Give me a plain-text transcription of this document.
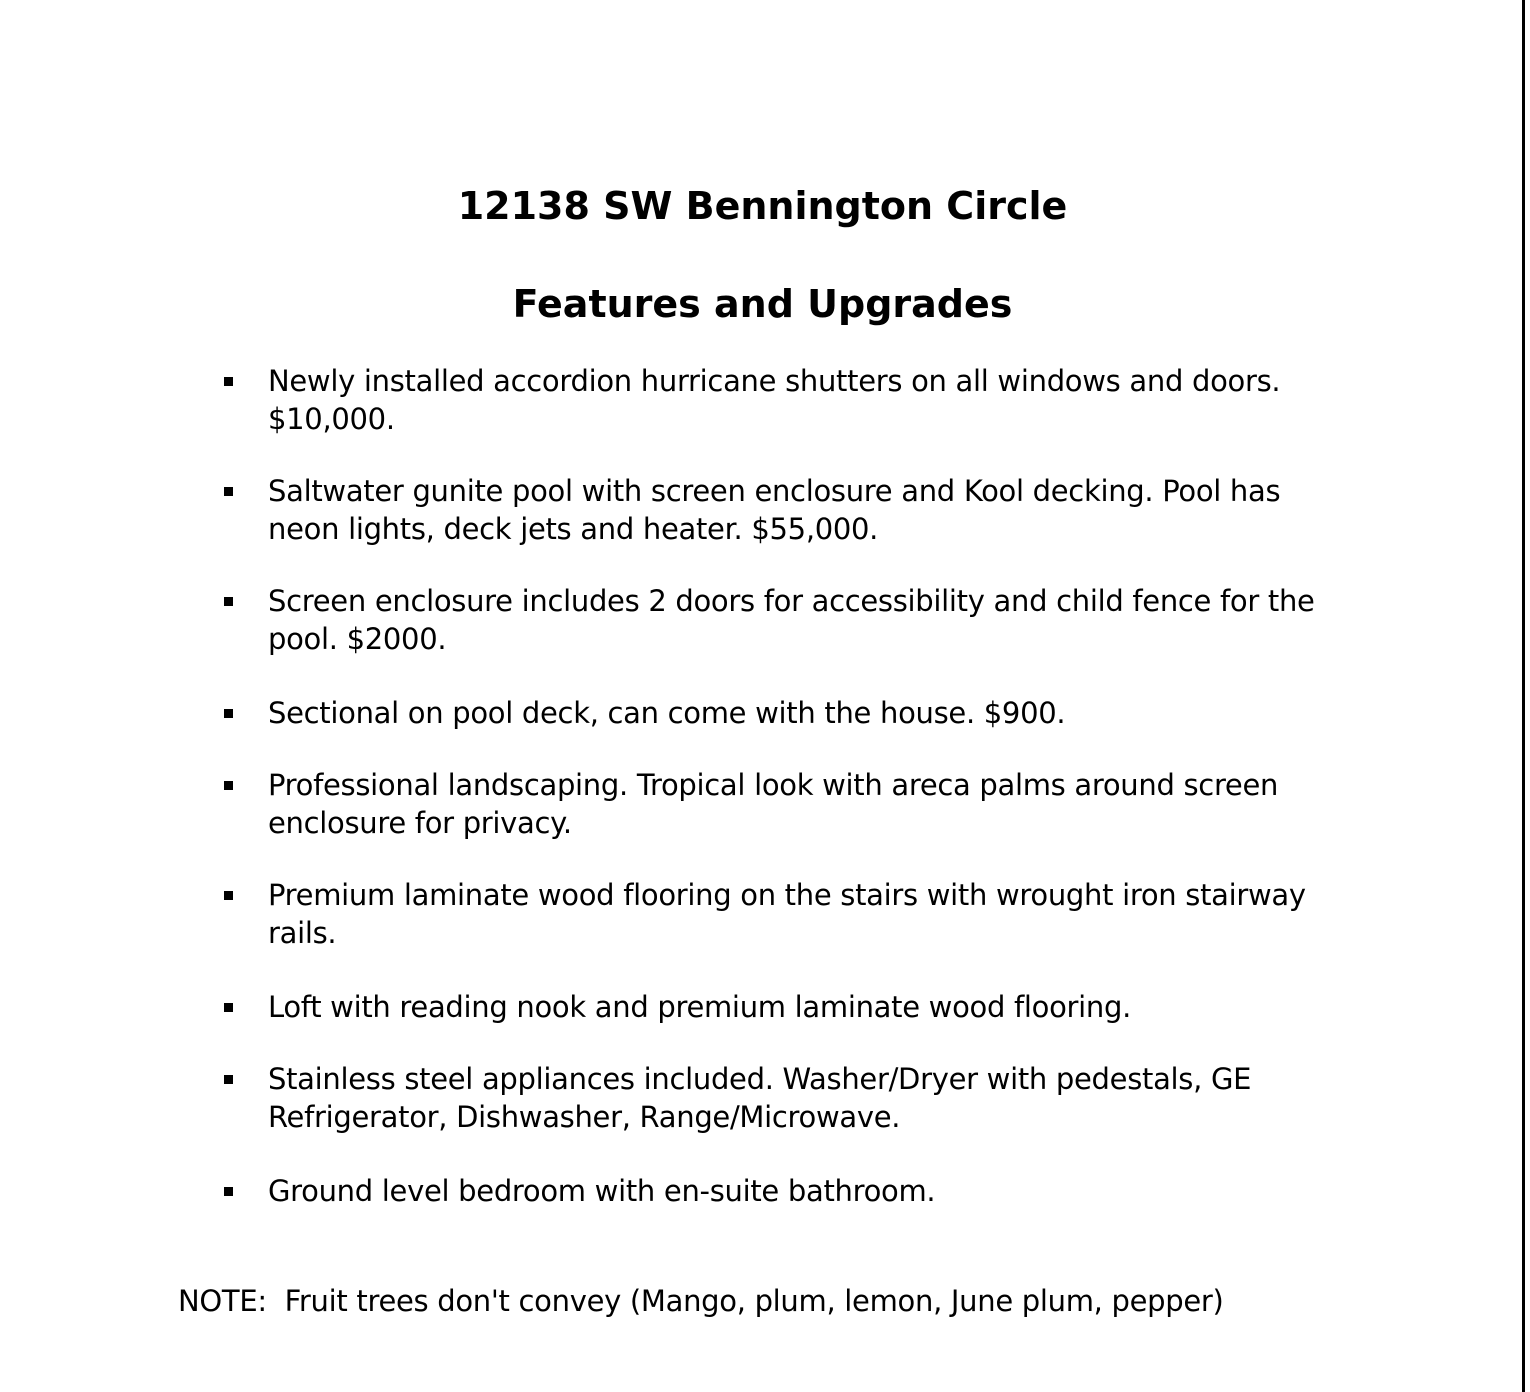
12138 SW Bennington Circle
Features and Upgrades
Newly installed accordion hurricane shutters on all windows and doors. $10,000.
Saltwater gunite pool with screen enclosure and Kool decking. Pool has neon lights, deck jets and heater. $55,000.
Screen enclosure includes 2 doors for accessibility and child fence for the pool. $2000.
Sectional on pool deck, can come with the house. $900.
Professional landscaping. Tropical look with areca palms around screen enclosure for privacy.
Premium laminate wood flooring on the stairs with wrought iron stairway rails.
Loft with reading nook and premium laminate wood flooring.
Stainless steel appliances included. Washer/Dryer with pedestals, GE Refrigerator, Dishwasher, Range/Microwave.
Ground level bedroom with en-suite bathroom.

NOTE:  Fruit trees don't convey (Mango, plum, lemon, June plum, pepper)
